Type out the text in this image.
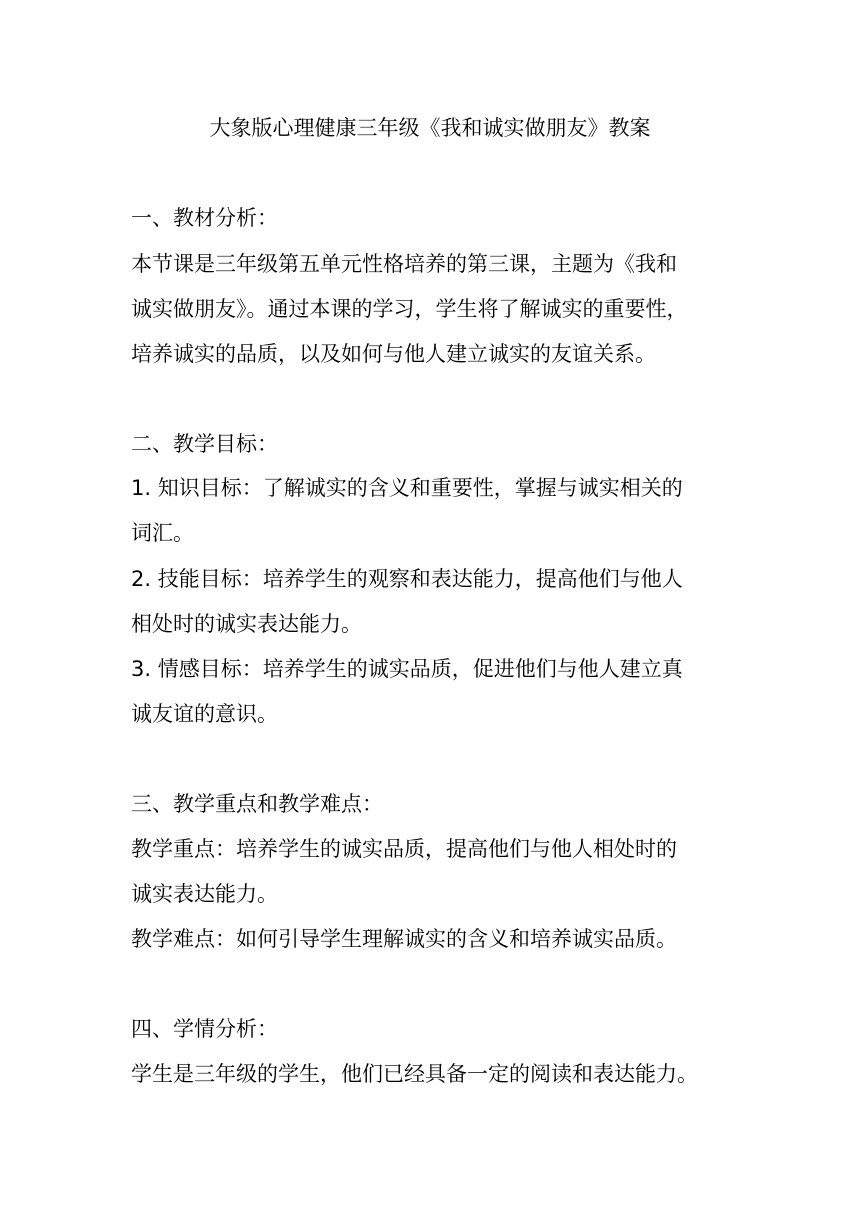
大象版心理健康三年级《我和诚实做朋友》教案
一、教材分析：
本节课是三年级第五单元性格培养的第三课，主题为《我和
诚实做朋友》。通过本课的学习，学生将了解诚实的重要性，
培养诚实的品质，以及如何与他人建立诚实的友谊关系。
二、教学目标：
1. 知识目标：了解诚实的含义和重要性，掌握与诚实相关的
词汇。
2. 技能目标：培养学生的观察和表达能力，提高他们与他人
相处时的诚实表达能力。
3. 情感目标：培养学生的诚实品质，促进他们与他人建立真
诚友谊的意识。
三、教学重点和教学难点：
教学重点：培养学生的诚实品质，提高他们与他人相处时的
诚实表达能力。
教学难点：如何引导学生理解诚实的含义和培养诚实品质。
四、学情分析：
学生是三年级的学生，他们已经具备一定的阅读和表达能力。
